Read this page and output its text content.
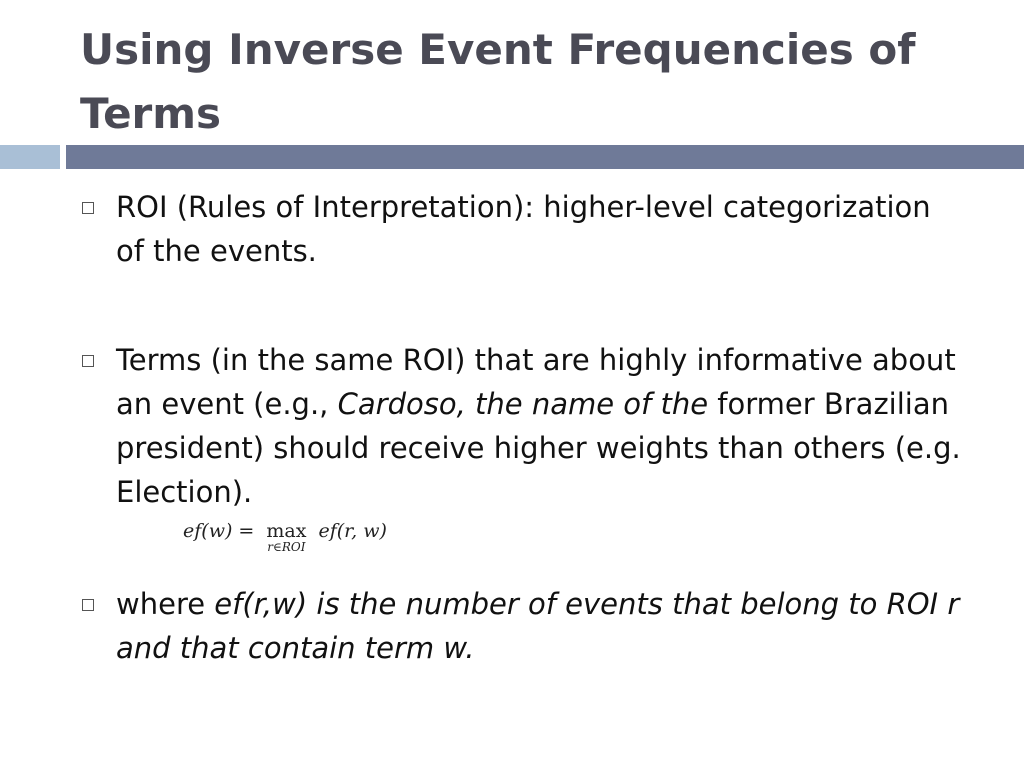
Using Inverse Event Frequencies of Terms
ROI (Rules of Interpretation): higher-level categorization of the events.
Terms (in the same ROI) that are highly informative about an event (e.g., Cardoso, the name of the former Brazilian president) should receive higher weights than others (e.g. Election).
ef(w) = max
r∈ROI
ef(r, w)
where ef(r,w) is the number of events that belong to ROI r and that contain term w.
